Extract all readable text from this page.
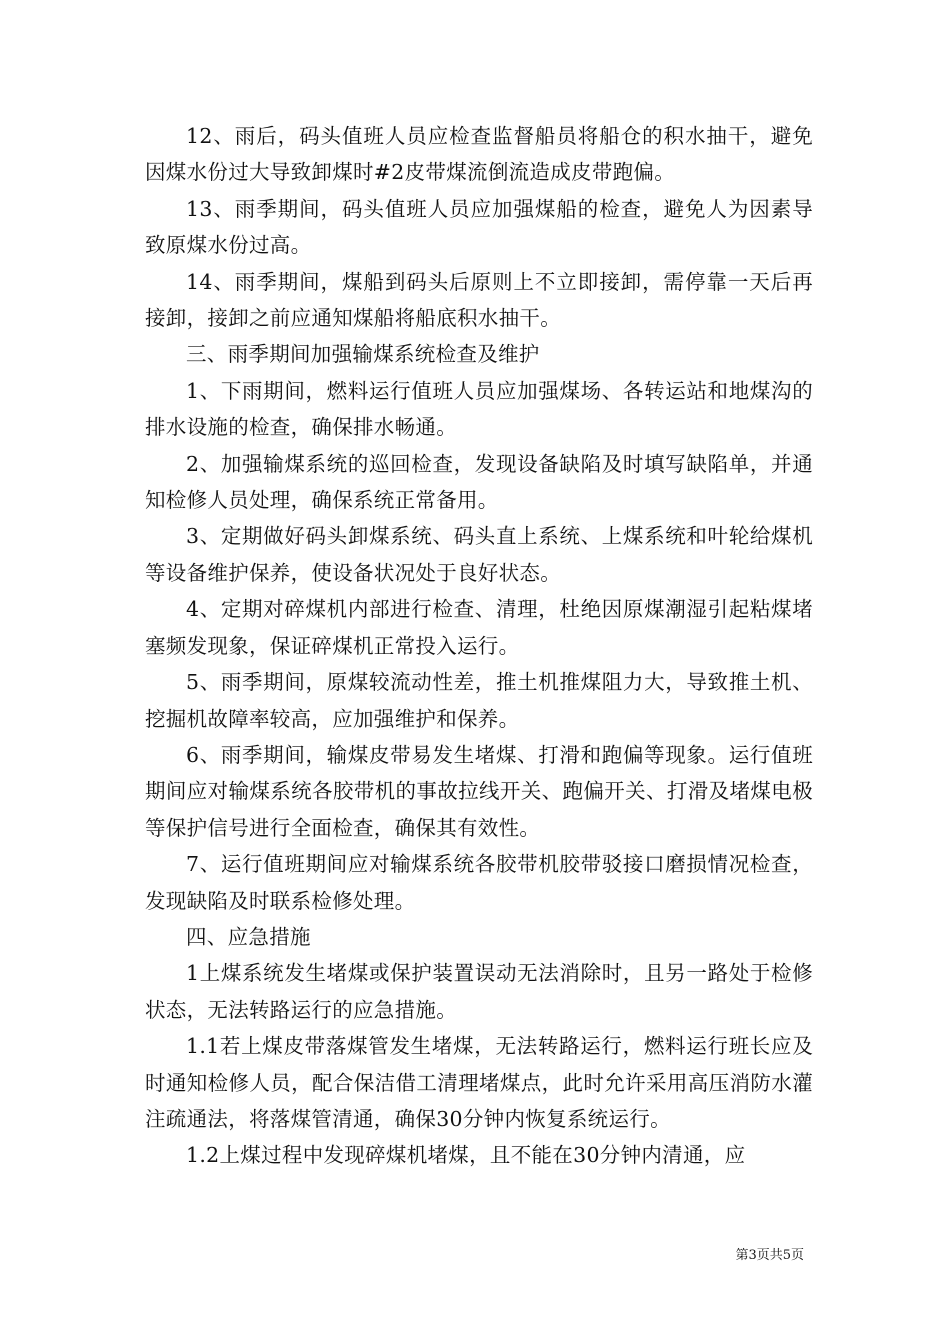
12、雨后，码头值班人员应检查监督船员将船仓的积水抽干，避免因煤水份过大导致卸煤时#2皮带煤流倒流造成皮带跑偏。

13、雨季期间，码头值班人员应加强煤船的检查，避免人为因素导致原煤水份过高。

14、雨季期间，煤船到码头后原则上不立即接卸，需停靠一天后再接卸，接卸之前应通知煤船将船底积水抽干。

三、雨季期间加强输煤系统检查及维护

1、下雨期间，燃料运行值班人员应加强煤场、各转运站和地煤沟的排水设施的检查，确保排水畅通。

2、加强输煤系统的巡回检查，发现设备缺陷及时填写缺陷单，并通知检修人员处理，确保系统正常备用。

3、定期做好码头卸煤系统、码头直上系统、上煤系统和叶轮给煤机等设备维护保养，使设备状况处于良好状态。

4、定期对碎煤机内部进行检查、清理，杜绝因原煤潮湿引起粘煤堵塞频发现象，保证碎煤机正常投入运行。

5、雨季期间，原煤较流动性差，推土机推煤阻力大，导致推土机、挖掘机故障率较高，应加强维护和保养。

6、雨季期间，输煤皮带易发生堵煤、打滑和跑偏等现象。运行值班期间应对输煤系统各胶带机的事故拉线开关、跑偏开关、打滑及堵煤电极等保护信号进行全面检查，确保其有效性。

7、运行值班期间应对输煤系统各胶带机胶带驳接口磨损情况检查，发现缺陷及时联系检修处理。

四、应急措施

1上煤系统发生堵煤或保护装置误动无法消除时，且另一路处于检修状态，无法转路运行的应急措施。

1.1若上煤皮带落煤管发生堵煤，无法转路运行，燃料运行班长应及时通知检修人员，配合保洁借工清理堵煤点，此时允许采用高压消防水灌注疏通法，将落煤管清通，确保30分钟内恢复系统运行。

1.2上煤过程中发现碎煤机堵煤，且不能在30分钟内清通，应

第3页共5页
